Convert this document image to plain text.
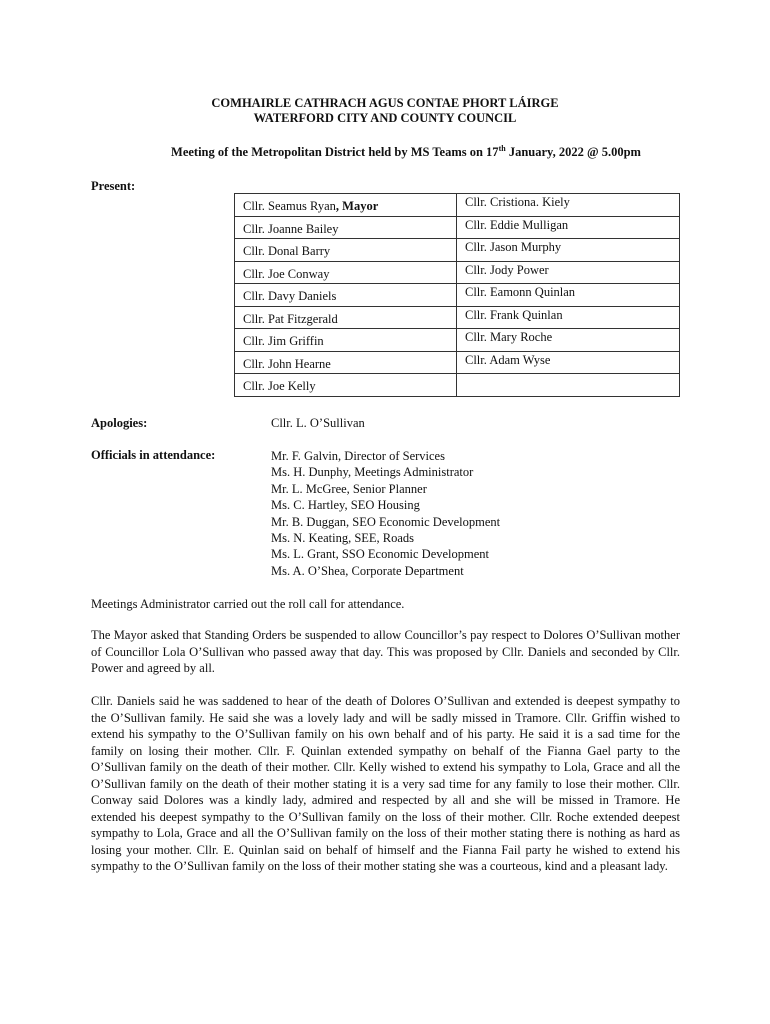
COMHAIRLE CATHRACH AGUS CONTAE PHORT LÁIRGE
WATERFORD CITY AND COUNTY COUNCIL
Meeting of the Metropolitan District held by MS Teams on 17th January, 2022 @ 5.00pm
Present:
Cllr. Seamus Ryan, Mayor	Cllr. Cristiona. Kiely
Cllr. Joanne Bailey	Cllr. Eddie Mulligan
Cllr. Donal Barry	Cllr. Jason Murphy
Cllr. Joe Conway	Cllr. Jody Power
Cllr. Davy Daniels	Cllr. Eamonn Quinlan
Cllr. Pat Fitzgerald	Cllr. Frank Quinlan
Cllr. Jim Griffin	Cllr. Mary Roche
Cllr. John Hearne	Cllr. Adam Wyse
Cllr. Joe Kelly	
Apologies:	Cllr. L. O’Sullivan
Officials in attendance:	Mr. F. Galvin, Director of Services
Ms. H. Dunphy, Meetings Administrator
Mr. L. McGree, Senior Planner
Ms. C. Hartley, SEO Housing
Mr. B. Duggan, SEO Economic Development
Ms. N. Keating, SEE, Roads
Ms. L. Grant, SSO Economic Development
Ms. A. O’Shea, Corporate Department

Meetings Administrator carried out the roll call for attendance.

The Mayor asked that Standing Orders be suspended to allow Councillor’s pay respect to Dolores O’Sullivan mother of Councillor Lola O’Sullivan who passed away that day. This was proposed by Cllr. Daniels and seconded by Cllr. Power and agreed by all.

Cllr. Daniels said he was saddened to hear of the death of Dolores O’Sullivan and extended is deepest sympathy to the O’Sullivan family. He said she was a lovely lady and will be sadly missed in Tramore. Cllr. Griffin wished to extend his sympathy to the O’Sullivan family on his own behalf and of his party. He said it is a sad time for the family on losing their mother. Cllr. F. Quinlan extended sympathy on behalf of the Fianna Gael party to the O’Sullivan family on the death of their mother. Cllr. Kelly wished to extend his sympathy to Lola, Grace and all the O’Sullivan family on the death of their mother stating it is a very sad time for any family to lose their mother. Cllr. Conway said Dolores was a kindly lady, admired and respected by all and she will be missed in Tramore. He extended his deepest sympathy to the O’Sullivan family on the loss of their mother. Cllr. Roche extended deepest sympathy to Lola, Grace and all the O’Sullivan family on the loss of their mother stating there is nothing as hard as losing your mother. Cllr. E. Quinlan said on behalf of himself and the Fianna Fail party he wished to extend his sympathy to the O’Sullivan family on the loss of their mother stating she was a courteous, kind and a pleasant lady.
